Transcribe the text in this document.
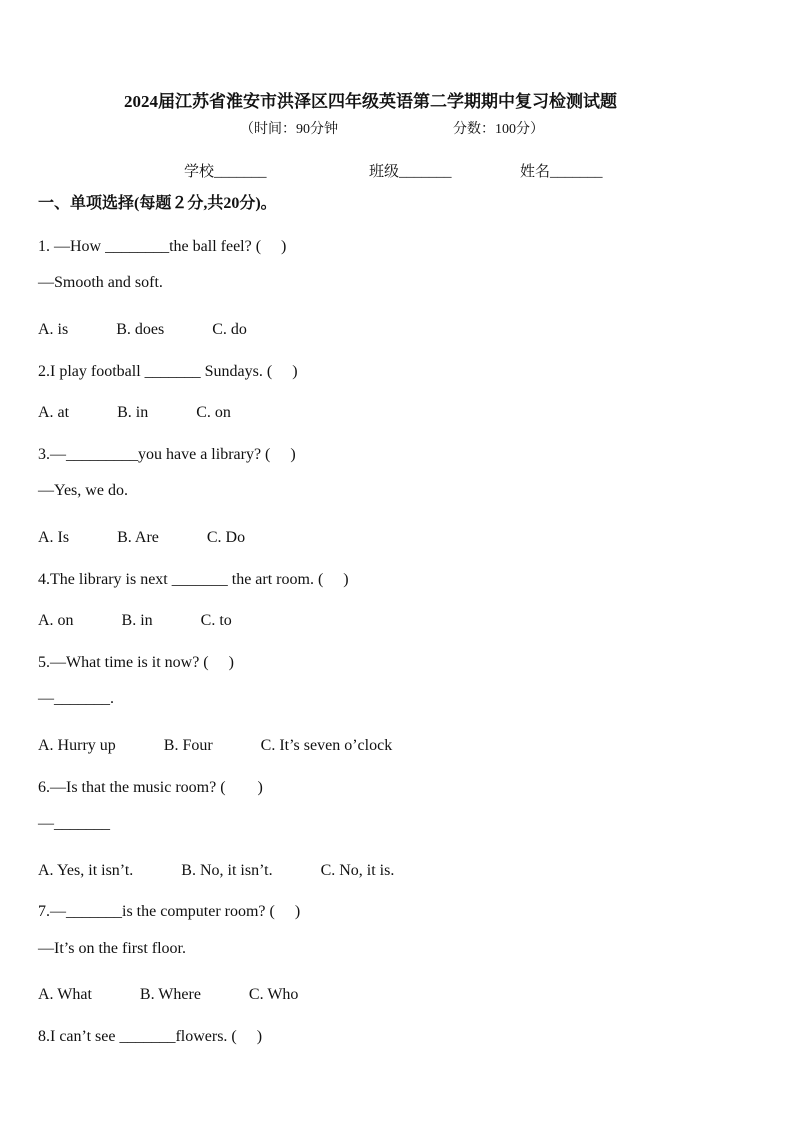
2024届江苏省淮安市洪泽区四年级英语第二学期期中复习检测试题
（时间：90分钟	分数：100分）
学校_______	班级_______	姓名_______
一、单项选择(每题２分,共20分)。
1. —How ________the ball feel? (　 )
—Smooth and soft.
A. is　　　B. does　　　C. do
2.I play football _______ Sundays. (　 )
A. at　　　B. in　　　C. on
3.—_________you have a library? (　 )
—Yes, we do.
A. Is　　　B. Are　　　C. Do
4.The library is next _______ the art room. (　 )
A. on　　　B. in　　　C. to
5.—What time is it now? (　 )
—_______.
A. Hurry up　　　B. Four　　　C. It’s seven o’clock
6.—Is that the music room? (　　)
—_______
A. Yes, it isn’t.　　　B. No, it isn’t.　　　C. No, it is.
7.—_______is the computer room? (　 )
—It’s on the first floor.
A. What　　　B. Where　　　C. Who
8.I can’t see _______flowers. (　 )
